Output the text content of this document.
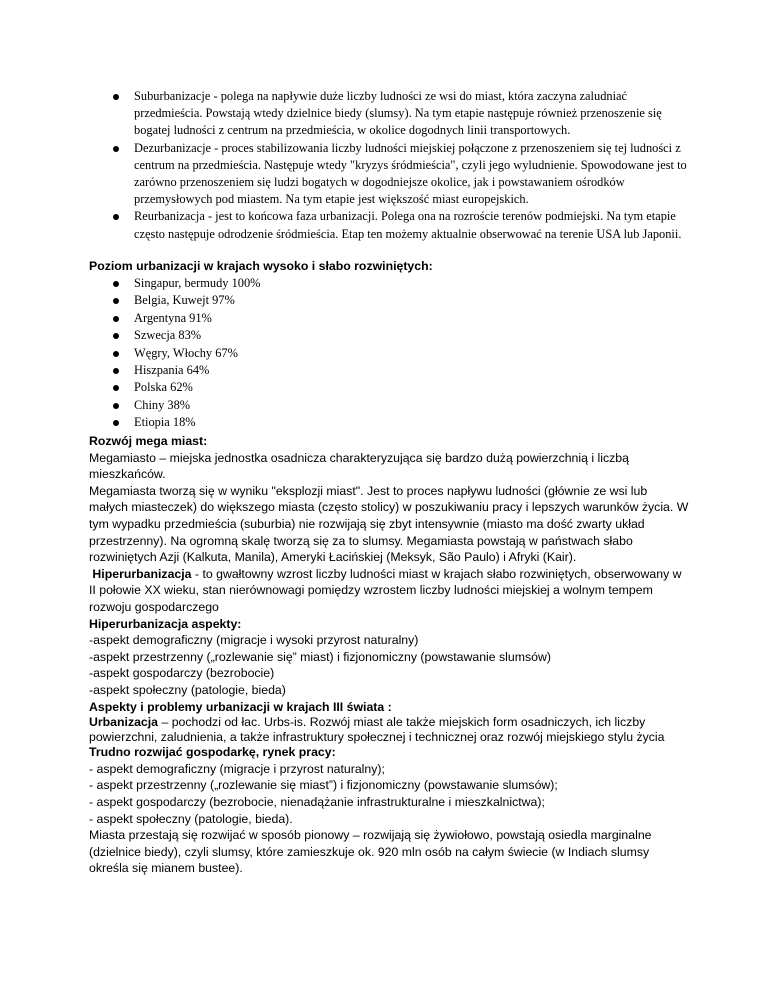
Suburbanizacje - polega na napływie duże liczby ludności ze wsi do miast, która zaczyna zaludniać przedmieścia. Powstają wtedy dzielnice biedy (slumsy). Na tym etapie następuje również przenoszenie się bogatej ludności z centrum na przedmieścia, w okolice dogodnych linii transportowych.
Dezurbanizacje - proces stabilizowania liczby ludności miejskiej połączone z przenoszeniem się tej ludności z centrum na przedmieścia. Następuje wtedy "kryzys śródmieścia", czyli jego wyludnienie. Spowodowane jest to zarówno przenoszeniem się ludzi bogatych w dogodniejsze okolice, jak i powstawaniem ośrodków przemysłowych pod miastem. Na tym etapie jest większość miast europejskich.
Reurbanizacja - jest to końcowa faza urbanizacji. Polega ona na rozroście terenów podmiejski. Na tym etapie często następuje odrodzenie śródmieścia. Etap ten możemy aktualnie obserwować na terenie USA lub Japonii.
Poziom urbanizacji w krajach wysoko i słabo rozwiniętych:
Singapur, bermudy 100%
Belgia, Kuwejt 97%
Argentyna 91%
Szwecja 83%
Węgry, Włochy 67%
Hiszpania 64%
Polska 62%
Chiny 38%
Etiopia 18%

Rozwój mega miast:

Megamiasto – miejska jednostka osadnicza charakteryzująca się bardzo dużą powierzchnią i liczbą mieszkańców.

Megamiasta tworzą się w wyniku "eksplozji miast". Jest to proces napływu ludności (głównie ze wsi lub małych miasteczek) do większego miasta (często stolicy) w poszukiwaniu pracy i lepszych warunków życia. W tym wypadku przedmieścia (suburbia) nie rozwijają się zbyt intensywnie (miasto ma dość zwarty układ przestrzenny). Na ogromną skalę tworzą się za to slumsy. Megamiasta powstają w państwach słabo rozwiniętych Azji (Kalkuta, Manila), Ameryki Łacińskiej (Meksyk, São Paulo) i Afryki (Kair).

Hiperurbanizacja - to gwałtowny wzrost liczby ludności miast w krajach słabo rozwiniętych, obserwowany w II połowie XX wieku, stan nierównowagi pomiędzy wzrostem liczby ludności miejskiej a wolnym tempem rozwoju gospodarczego

Hiperurbanizacja aspekty:

-aspekt demograficzny (migracje i wysoki przyrost naturalny)

-aspekt przestrzenny („rozlewanie się” miast) i fizjonomiczny (powstawanie slumsów)

-aspekt gospodarczy (bezrobocie)

-aspekt społeczny (patologie, bieda)

Aspekty i problemy urbanizacji w krajach III świata :

Urbanizacja – pochodzi od łac. Urbs-is. Rozwój miast ale także miejskich form osadniczych, ich liczby powierzchni, zaludnienia, a także infrastruktury społecznej i technicznej oraz rozwój miejskiego stylu życia

Trudno rozwijać gospodarkę, rynek pracy:

- aspekt demograficzny (migracje i przyrost naturalny);

- aspekt przestrzenny („rozlewanie się miast”) i fizjonomiczny (powstawanie slumsów);

- aspekt gospodarczy (bezrobocie, nienadążanie infrastrukturalne i mieszkalnictwa);

- aspekt społeczny (patologie, bieda).

Miasta przestają się rozwijać w sposób pionowy – rozwijają się żywiołowo, powstają osiedla marginalne (dzielnice biedy), czyli slumsy, które zamieszkuje ok. 920 mln osób na całym świecie (w Indiach slumsy określa się mianem bustee).
